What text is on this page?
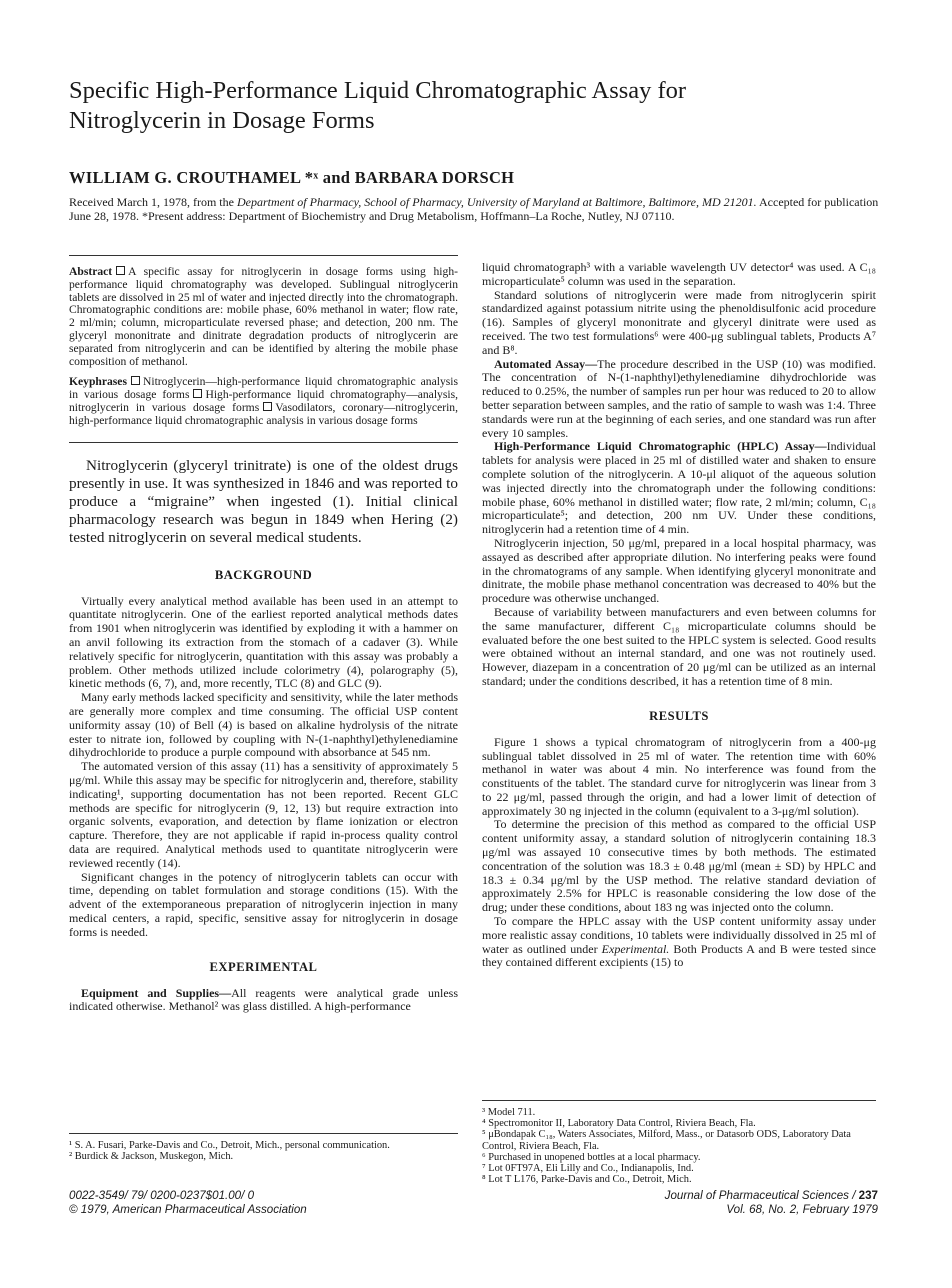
Specific High-Performance Liquid Chromatographic Assay for
Nitroglycerin in Dosage Forms

WILLIAM G. CROUTHAMEL *ˣ and BARBARA DORSCH

Received March 1, 1978, from the Department of Pharmacy, School of Pharmacy, University of Maryland at Baltimore, Baltimore, MD 21201. Accepted for publication June 28, 1978. *Present address: Department of Biochemistry and Drug Metabolism, Hoffmann–La Roche, Nutley, NJ 07110.

Abstract A specific assay for nitroglycerin in dosage forms using high-performance liquid chromatography was developed. Sublingual nitroglycerin tablets are dissolved in 25 ml of water and injected directly into the chromatograph. Chromatographic conditions are: mobile phase, 60% methanol in water; flow rate, 2 ml/min; column, microparticulate reversed phase; and detection, 200 nm. The glyceryl mononitrate and dinitrate degradation products of nitroglycerin are separated from nitroglycerin and can be identified by altering the mobile phase composition of methanol.

Keyphrases Nitroglycerin—high-performance liquid chromatographic analysis in various dosage forms High-performance liquid chromatography—analysis, nitroglycerin in various dosage forms Vasodilators, coronary—nitroglycerin, high-performance liquid chromatographic analysis in various dosage forms

Nitroglycerin (glyceryl trinitrate) is one of the oldest drugs presently in use. It was synthesized in 1846 and was reported to produce a “migraine” when ingested (1). Initial clinical pharmacology research was begun in 1849 when Hering (2) tested nitroglycerin on several medical students.

BACKGROUND

Virtually every analytical method available has been used in an attempt to quantitate nitroglycerin. One of the earliest reported analytical methods dates from 1901 when nitroglycerin was identified by exploding it with a hammer on an anvil following its extraction from the stomach of a cadaver (3). While relatively specific for nitroglycerin, quantitation with this assay was probably a problem. Other methods utilized include colorimetry (4), polarography (5), kinetic methods (6, 7), and, more recently, TLC (8) and GLC (9).

Many early methods lacked specificity and sensitivity, while the later methods are generally more complex and time consuming. The official USP content uniformity assay (10) of Bell (4) is based on alkaline hydrolysis of the nitrate ester to nitrate ion, followed by coupling with N-(1-naphthyl)ethylenediamine dihydrochloride to produce a purple compound with absorbance at 545 nm.

The automated version of this assay (11) has a sensitivity of approximately 5 μg/ml. While this assay may be specific for nitroglycerin and, therefore, stability indicating¹, supporting documentation has not been reported. Recent GLC methods are specific for nitroglycerin (9, 12, 13) but require extraction into organic solvents, evaporation, and detection by flame ionization or electron capture. Therefore, they are not applicable if rapid in-process quality control data are required. Analytical methods used to quantitate nitroglycerin were reviewed recently (14).

Significant changes in the potency of nitroglycerin tablets can occur with time, depending on tablet formulation and storage conditions (15). With the advent of the extemporaneous preparation of nitroglycerin injection in many medical centers, a rapid, specific, sensitive assay for nitroglycerin in dosage forms is needed.

EXPERIMENTAL

Equipment and Supplies—All reagents were analytical grade unless indicated otherwise. Methanol² was glass distilled. A high-performance

¹ S. A. Fusari, Parke-Davis and Co., Detroit, Mich., personal communication.

² Burdick & Jackson, Muskegon, Mich.

liquid chromatograph³ with a variable wavelength UV detector⁴ was used. A C₁₈ microparticulate⁵ column was used in the separation.

Standard solutions of nitroglycerin were made from nitroglycerin spirit standardized against potassium nitrite using the phenoldisulfonic acid procedure (16). Samples of glyceryl mononitrate and glyceryl dinitrate were used as received. The two test formulations⁶ were 400-μg sublingual tablets, Products A⁷ and B⁸.

Automated Assay—The procedure described in the USP (10) was modified. The concentration of N-(1-naphthyl)ethylenediamine dihydrochloride was reduced to 0.25%, the number of samples run per hour was reduced to 20 to allow better separation between samples, and the ratio of sample to wash was 1:4. Three standards were run at the beginning of each series, and one standard was run after every 10 samples.

High-Performance Liquid Chromatographic (HPLC) Assay—Individual tablets for analysis were placed in 25 ml of distilled water and shaken to ensure complete solution of the nitroglycerin. A 10-μl aliquot of the aqueous solution was injected directly into the chromatograph under the following conditions: mobile phase, 60% methanol in distilled water; flow rate, 2 ml/min; column, C₁₈ microparticulate⁵; and detection, 200 nm UV. Under these conditions, nitroglycerin had a retention time of 4 min.

Nitroglycerin injection, 50 μg/ml, prepared in a local hospital pharmacy, was assayed as described after appropriate dilution. No interfering peaks were found in the chromatograms of any sample. When identifying glyceryl mononitrate and dinitrate, the mobile phase methanol concentration was decreased to 40% but the procedure was otherwise unchanged.

Because of variability between manufacturers and even between columns for the same manufacturer, different C₁₈ microparticulate columns should be evaluated before the one best suited to the HPLC system is selected. Good results were obtained without an internal standard, and one was not routinely used. However, diazepam in a concentration of 20 μg/ml can be utilized as an internal standard; under the conditions described, it has a retention time of 8 min.

RESULTS

Figure 1 shows a typical chromatogram of nitroglycerin from a 400-μg sublingual tablet dissolved in 25 ml of water. The retention time with 60% methanol in water was about 4 min. No interference was found from the constituents of the tablet. The standard curve for nitroglycerin was linear from 3 to 22 μg/ml, passed through the origin, and had a lower limit of detection of approximately 30 ng injected in the column (equivalent to a 3-μg/ml solution).

To determine the precision of this method as compared to the official USP content uniformity assay, a standard solution of nitroglycerin containing 18.3 μg/ml was assayed 10 consecutive times by both methods. The estimated concentration of the solution was 18.3 ± 0.48 μg/ml (mean ± SD) by HPLC and 18.3 ± 0.34 μg/ml by the USP method. The relative standard deviation of approximately 2.5% for HPLC is reasonable considering the low dose of the drug; under these conditions, about 183 ng was injected onto the column.

To compare the HPLC assay with the USP content uniformity assay under more realistic assay conditions, 10 tablets were individually dissolved in 25 ml of water as outlined under Experimental. Both Products A and B were tested since they contained different excipients (15) to

³ Model 711.

⁴ Spectromonitor II, Laboratory Data Control, Riviera Beach, Fla.

⁵ μBondapak C₁₈, Waters Associates, Milford, Mass., or Datasorb ODS, Laboratory Data Control, Riviera Beach, Fla.

⁶ Purchased in unopened bottles at a local pharmacy.

⁷ Lot 0FT97A, Eli Lilly and Co., Indianapolis, Ind.

⁸ Lot T L176, Parke-Davis and Co., Detroit, Mich.

0022-3549/ 79/ 0200-0237$01.00/ 0
© 1979, American Pharmaceutical Association
Journal of Pharmaceutical Sciences / 237
Vol. 68, No. 2, February 1979
